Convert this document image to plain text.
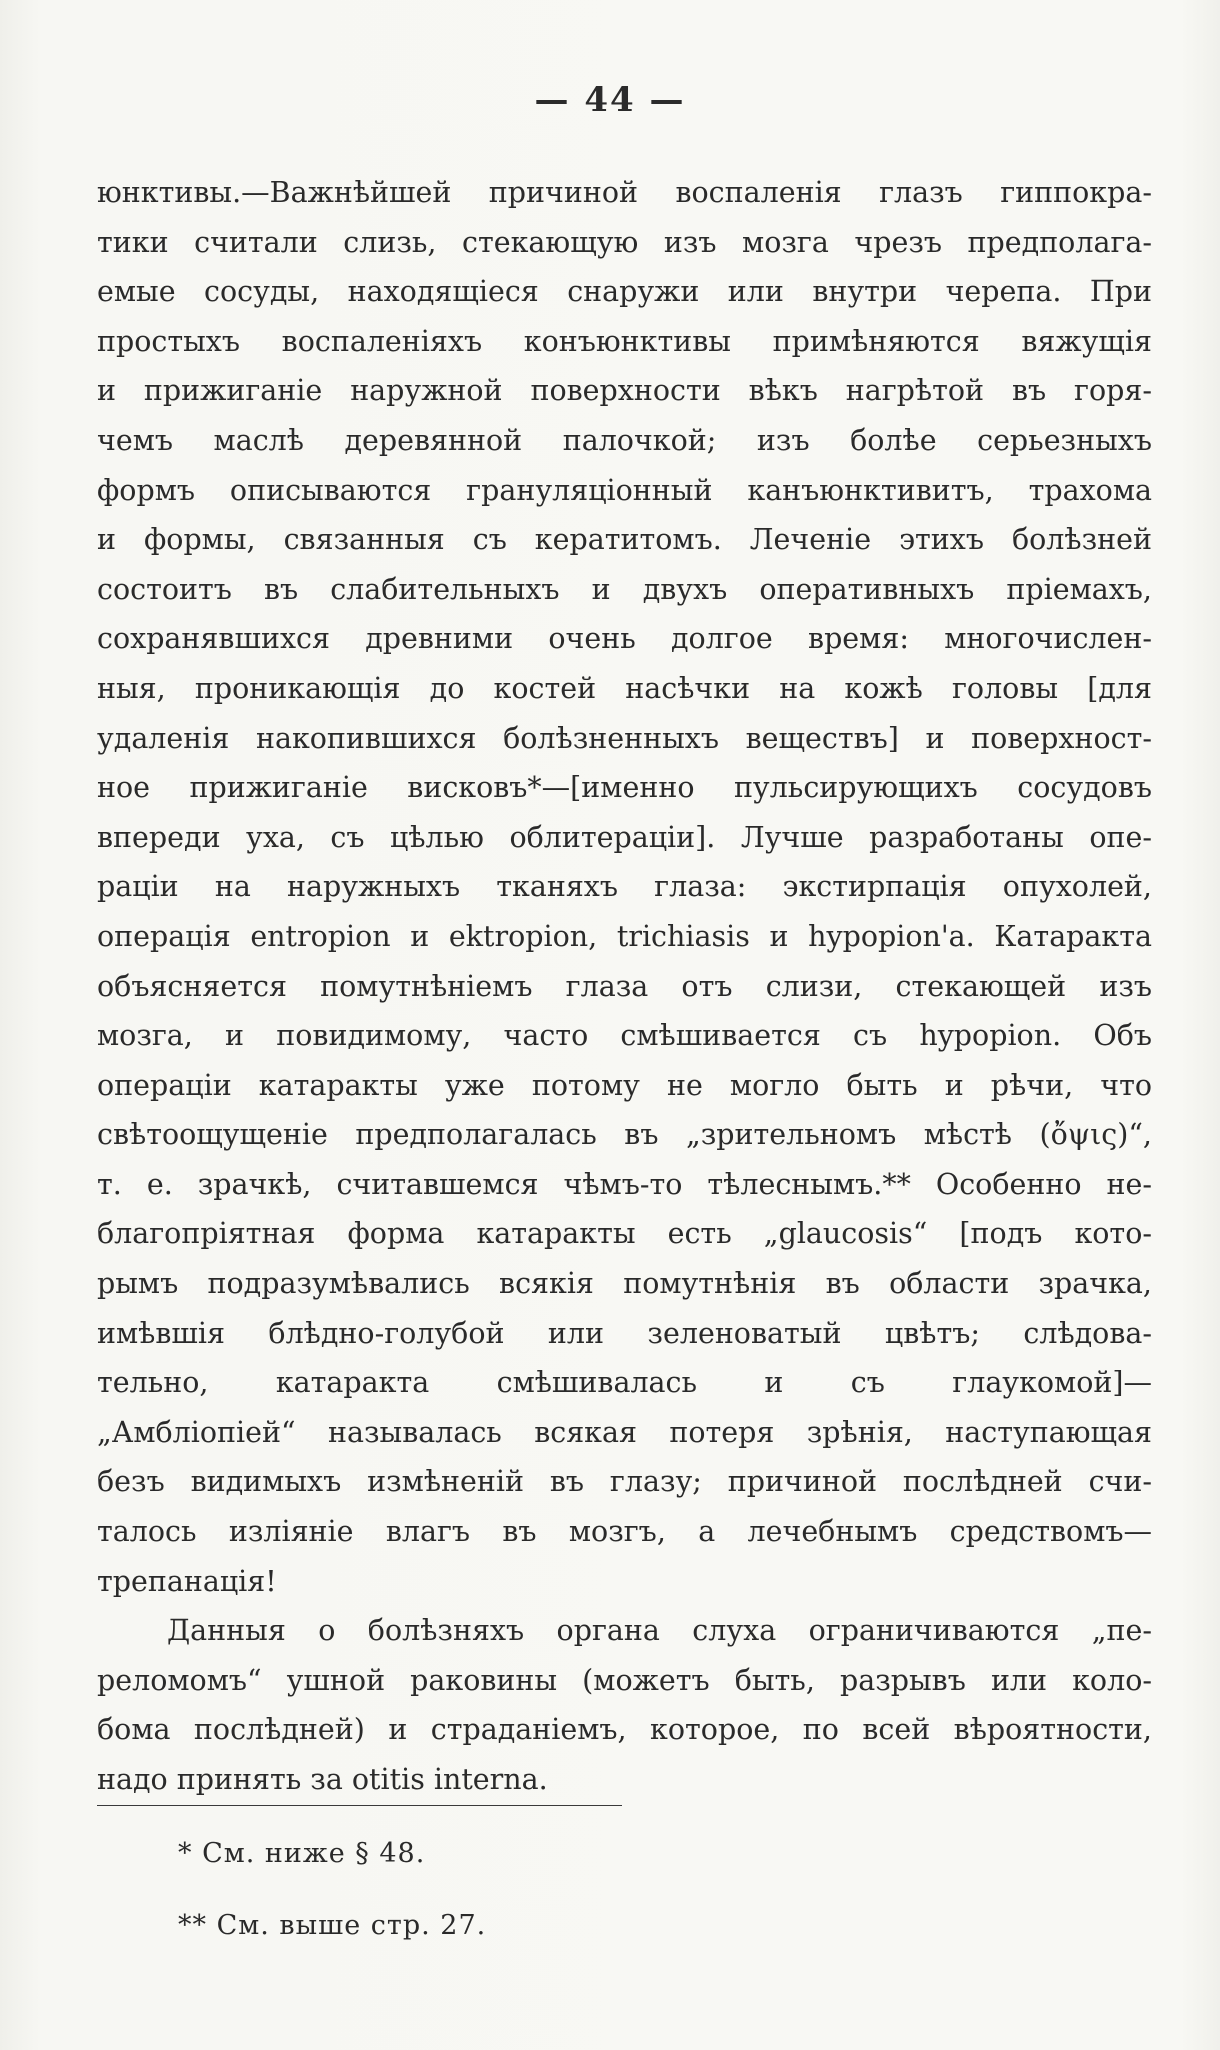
— 44 —
юнктивы.—Важнѣйшей причиной воспаленія глазъ гиппокра-
тики считали слизь, стекающую изъ мозга чрезъ предполага-
емые сосуды, находящіеся снаружи или внутри черепа. При
простыхъ воспаленіяхъ конъюнктивы примѣняются вяжущія
и прижиганіе наружной поверхности вѣкъ нагрѣтой въ горя-
чемъ маслѣ деревянной палочкой; изъ болѣе серьезныхъ
формъ описываются грануляціонный канъюнктивитъ, трахома
и формы, связанныя съ кератитомъ. Леченіе этихъ болѣзней
состоитъ въ слабительныхъ и двухъ оперативныхъ пріемахъ,
сохранявшихся древними очень долгое время: многочислен-
ныя, проникающія до костей насѣчки на кожѣ головы [для
удаленія накопившихся болѣзненныхъ веществъ] и поверхност-
ное прижиганіе висковъ*—[именно пульсирующихъ сосудовъ
впереди уха, съ цѣлью облитераціи]. Лучше разработаны опе-
раціи на наружныхъ тканяхъ глаза: экстирпація опухолей,
операція entropion и ektropion, trichiasis и hypopion'а. Катаракта
объясняется помутнѣніемъ глаза отъ слизи, стекающей изъ
мозга, и повидимому, часто смѣшивается съ hypopion. Объ
операціи катаракты уже потому не могло быть и рѣчи, что
свѣтоощущеніе предполагалась въ „зрительномъ мѣстѣ (ὄψις)“,
т. е. зрачкѣ, считавшемся чѣмъ-то тѣлеснымъ.** Особенно не-
благопріятная форма катаракты есть „glaucosis“ [подъ кото-
рымъ подразумѣвались всякія помутнѣнія въ области зрачка,
имѣвшія блѣдно-голубой или зеленоватый цвѣтъ; слѣдова-
тельно, катаракта смѣшивалась и съ глаукомой]—
„Амбліопіей“ называлась всякая потеря зрѣнія, наступающая
безъ видимыхъ измѣненій въ глазу; причиной послѣдней счи-
талось изліяніе влагъ въ мозгъ, а лечебнымъ средствомъ—
трепанація!
Данныя о болѣзняхъ органа слуха ограничиваются „пе-
реломомъ“ ушной раковины (можетъ быть, разрывъ или коло-
бома послѣдней) и страданіемъ, которое, по всей вѣроятности,
надо принять за otitis interna.
* См. ниже § 48.
** См. выше стр. 27.
